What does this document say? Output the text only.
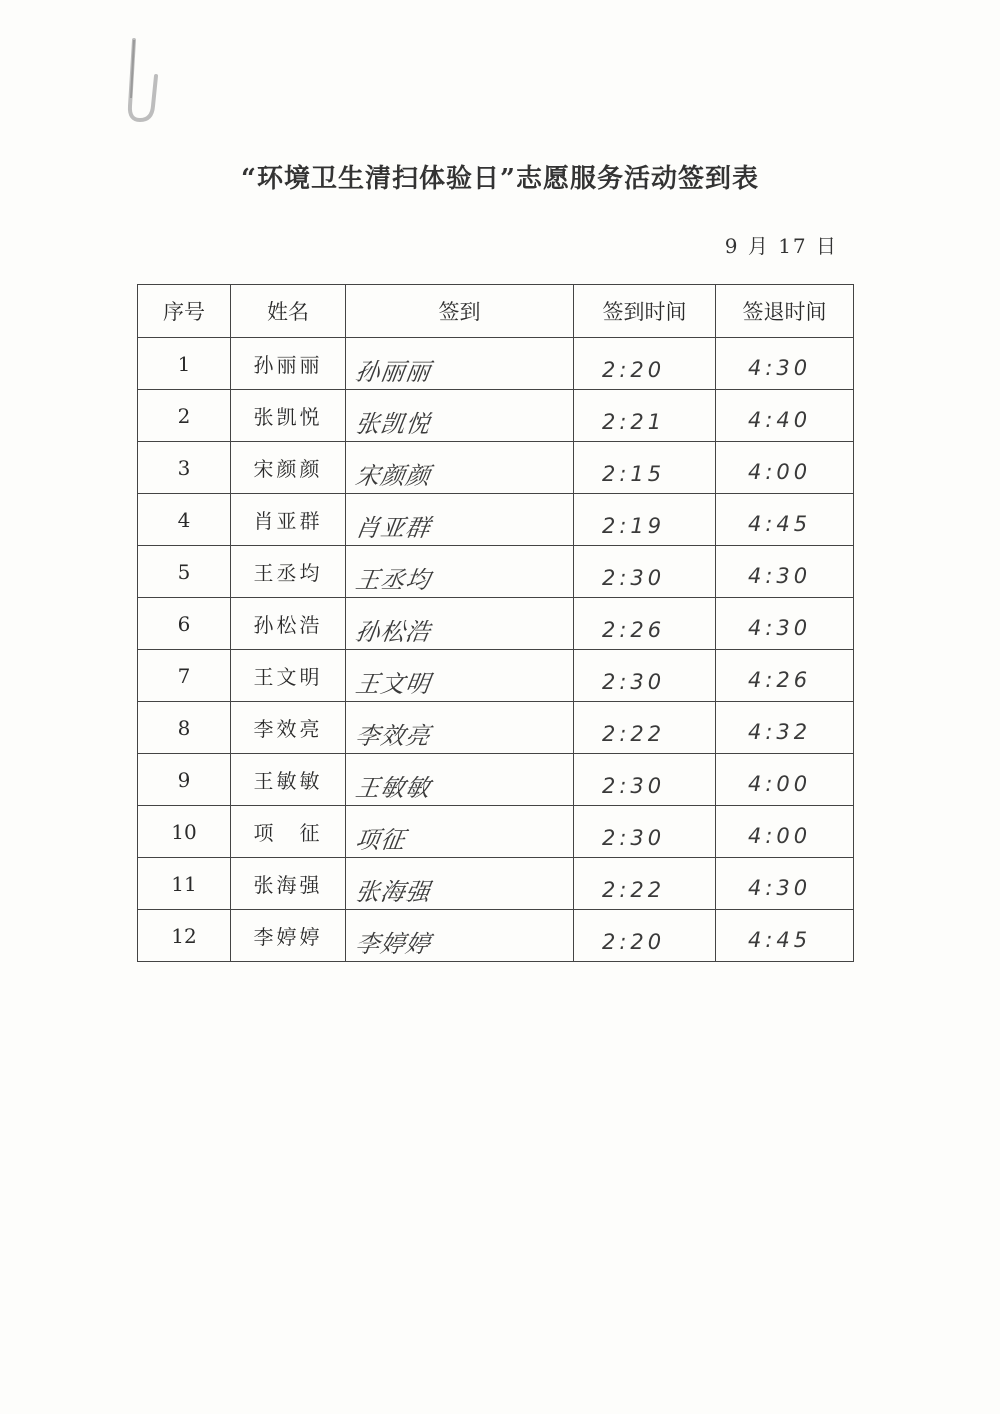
“环境卫生清扫体验日”志愿服务活动签到表
9 月 17 日
序号	姓名	签到	签到时间	签退时间
1	孙丽丽	孙丽丽	2:20	4:30

2	张凯悦	张凯悦	2:21	4:40

3	宋颜颜	宋颜颜	2:15	4:00

4	肖亚群	肖亚群	2:19	4:45

5	王丞均	王丞均	2:30	4:30

6	孙松浩	孙松浩	2:26	4:30

7	王文明	王文明	2:30	4:26

8	李效亮	李效亮	2:22	4:32

9	王敏敏	王敏敏	2:30	4:00

10	项　征	项征	2:30	4:00

11	张海强	张海强	2:22	4:30

12	李婷婷	李婷婷	2:20	4:45
